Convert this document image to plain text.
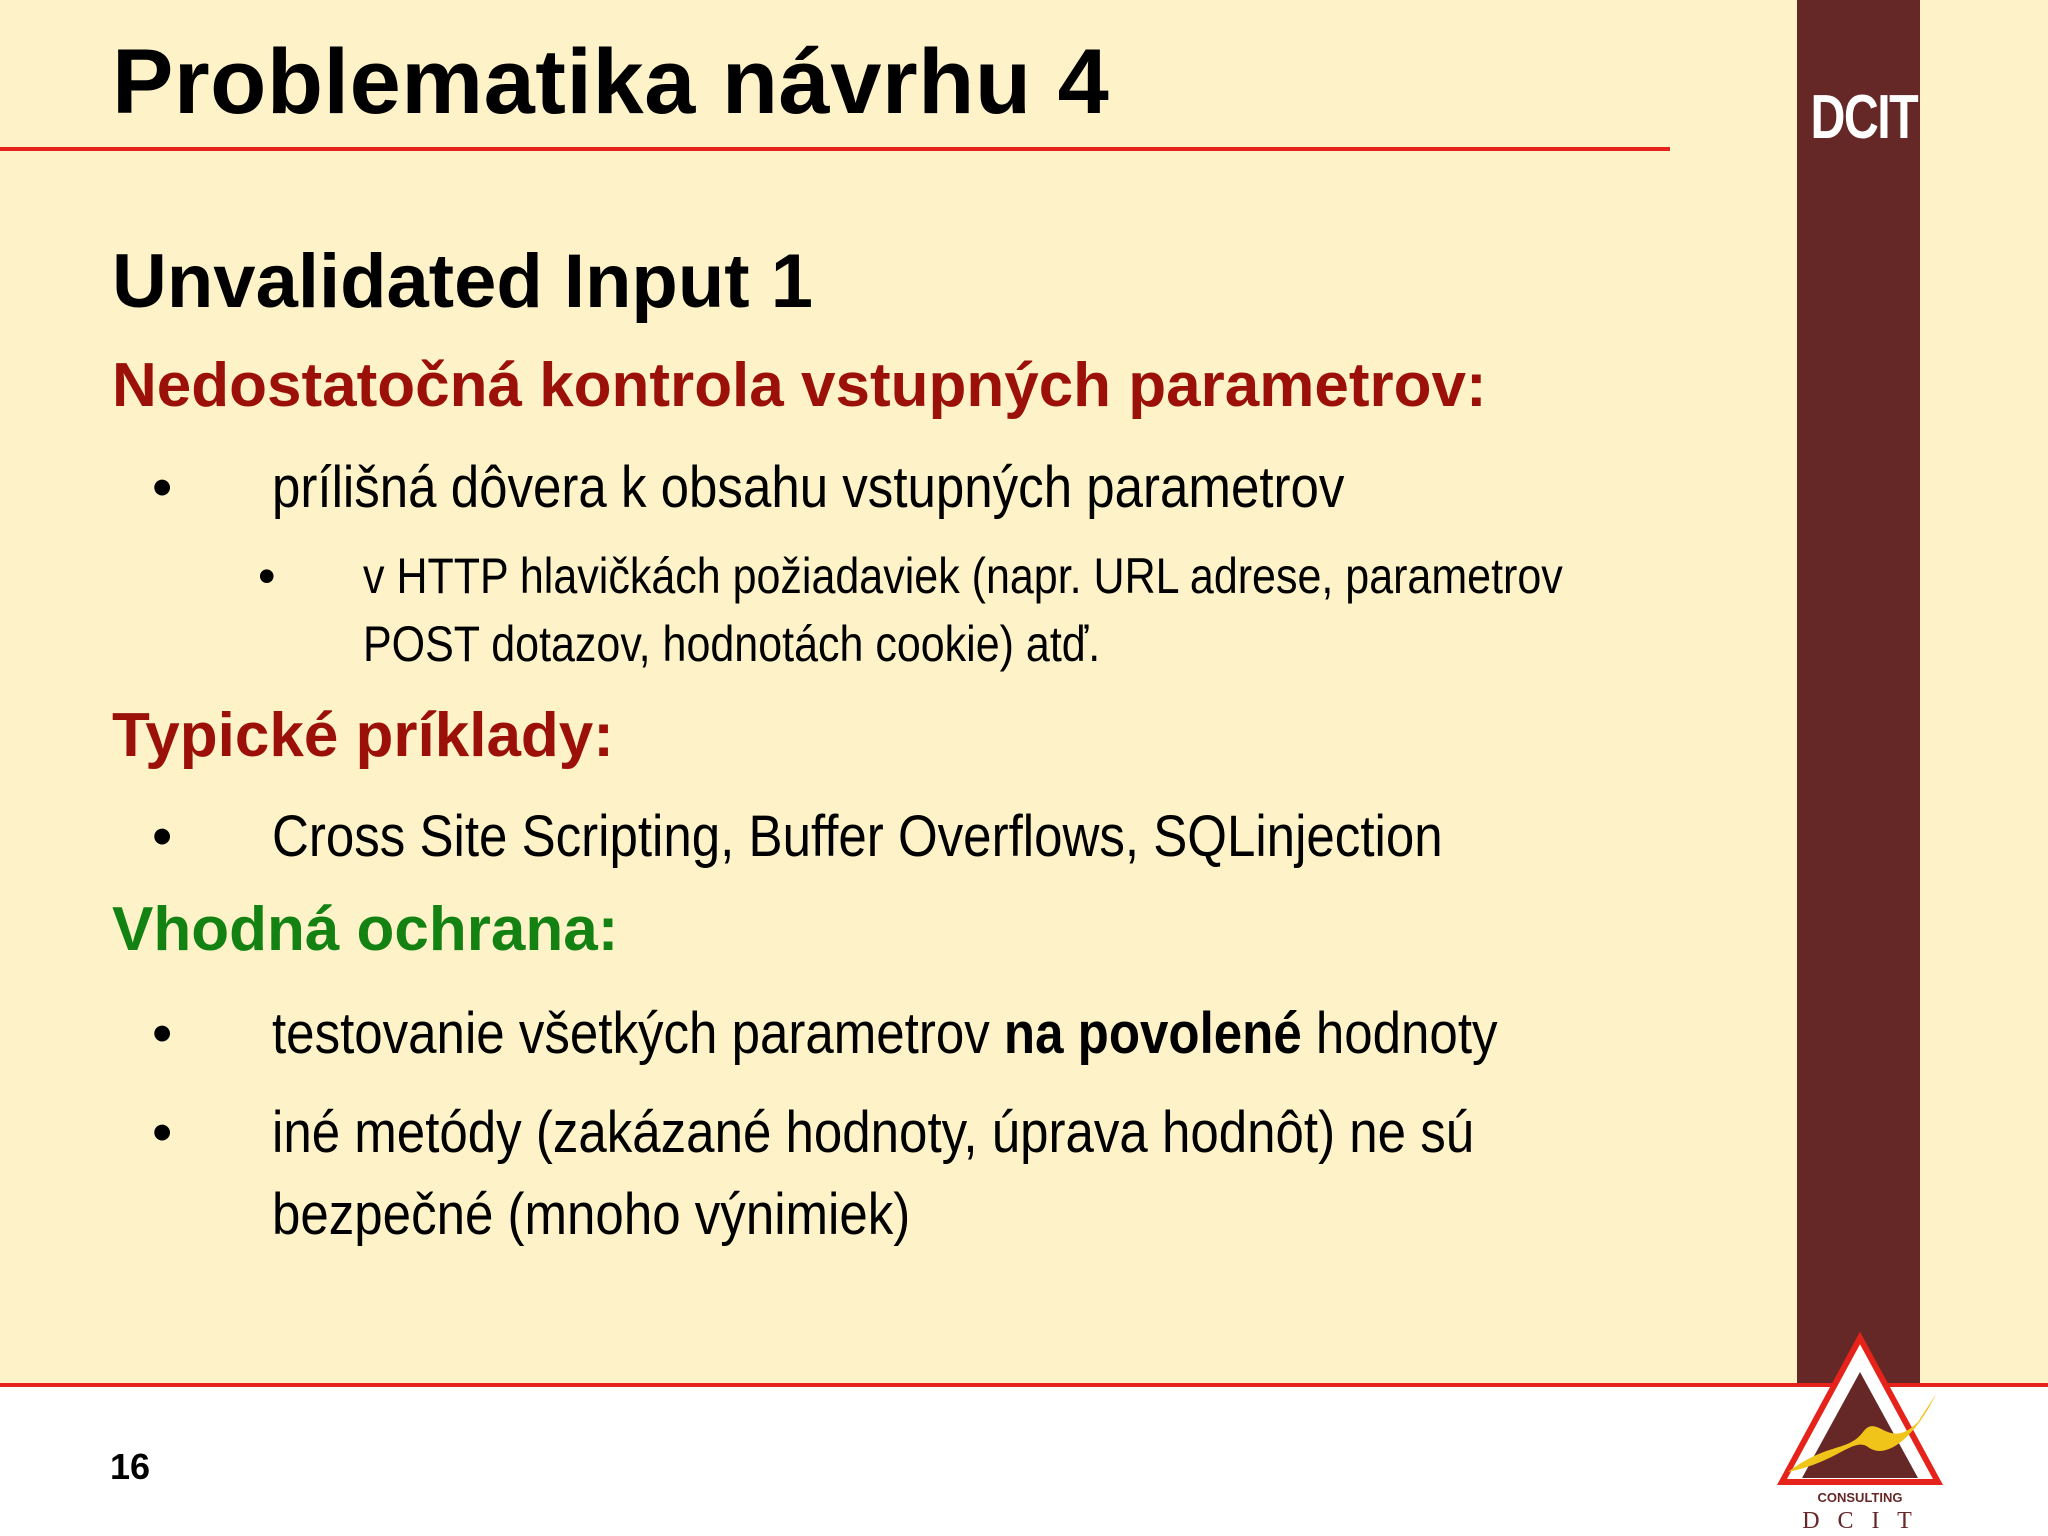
DCIT
Problematika návrhu 4
Unvalidated Input 1
Nedostatočná kontrola vstupných parametrov:
• prílišná dôvera k obsahu vstupných parametrov
• v HTTP hlavičkách požiadaviek (napr. URL adrese, parametrov
POST dotazov, hodnotách cookie) atď.
Typické príklady:
• Cross Site Scripting, Buffer Overflows, SQLinjection
Vhodná ochrana:
• testovanie všetkých parametrov na povolené hodnoty
• iné metódy (zakázané hodnoty, úprava hodnôt) ne sú
bezpečné (mnoho výnimiek)
16
CONSULTING
D C I T
